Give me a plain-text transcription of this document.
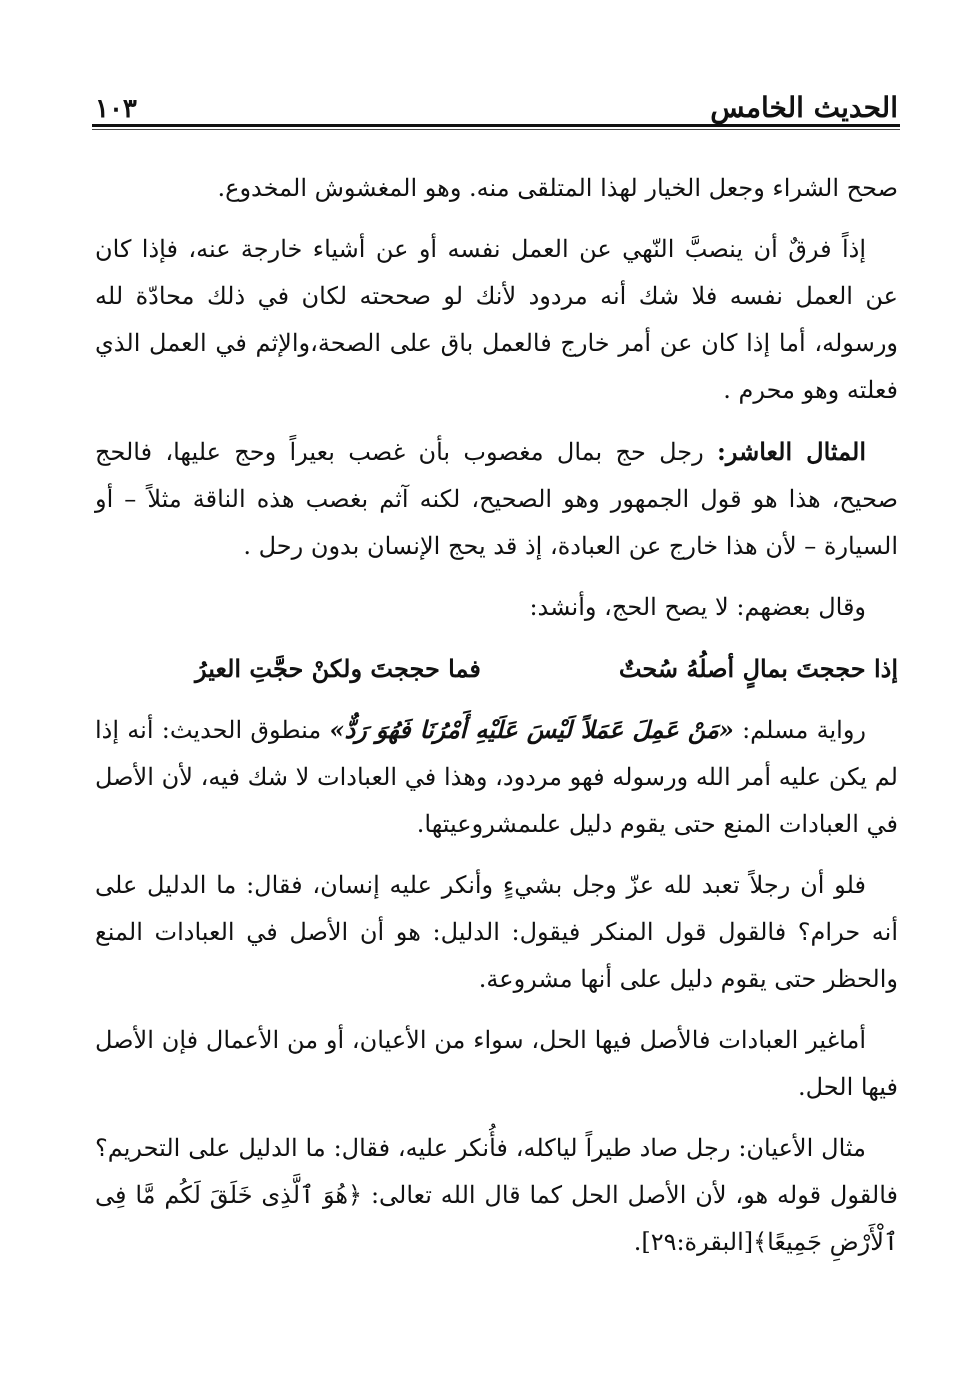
الحديث الخامس
١٠٣

صحح الشراء وجعل الخيار لهذا المتلقى منه. وهو المغشوش المخدوع.

إذاً فرقٌ أن ينصبَّ النّهي عن العمل نفسه أو عن أشياء خارجة عنه، فإذا كان عن العمل نفسه فلا شك أنه مردود لأنك لو صححته لكان في ذلك محادّة لله ورسوله، أما إذا كان عن أمر خارج فالعمل باق على الصحة،والإثم في العمل الذي فعلته وهو محرم .

المثال العاشر: رجل حج بمال مغصوب بأن غصب بعيراً وحج عليها، فالحج صحيح، هذا هو قول الجمهور وهو الصحيح، لكنه آثم بغصب هذه الناقة مثلاً – أو السيارة – لأن هذا خارج عن العبادة، إذ قد يحج الإنسان بدون رحل .

وقال بعضهم: لا يصح الحج، وأنشد:

إذا حججتَ بمالٍ أصلُهُ سُحتٌ
فما حججتَ ولكنْ حجَّتِ العيرُ

رواية مسلم: «مَنْ عَمِلَ عَمَلاً لَيْسَ عَلَيْهِ أَمْرُنَا فَهُوَ رَدٌّ» منطوق الحديث: أنه إذا لم يكن عليه أمر الله ورسوله فهو مردود، وهذا في العبادات لا شك فيه، لأن الأصل في العبادات المنع حتى يقوم دليل علىمشروعيتها.

فلو أن رجلاً تعبد لله عزّ وجل بشيءٍ وأنكر عليه إنسان، فقال: ما الدليل على أنه حرام؟ فالقول قول المنكر فيقول: الدليل: هو أن الأصل في العبادات المنع والحظر حتى يقوم دليل على أنها مشروعة.

أماغير العبادات فالأصل فيها الحل، سواء من الأعيان، أو من الأعمال فإن الأصل فيها الحل.

مثال الأعيان: رجل صاد طيراً لياكله، فأُنكر عليه، فقال: ما الدليل على التحريم؟ فالقول قوله هو، لأن الأصل الحل كما قال الله تعالى: ﴿هُوَ ٱلَّذِى خَلَقَ لَكُم مَّا فِى ٱلْأَرْضِ جَمِيعًا﴾[البقرة:٢٩].
